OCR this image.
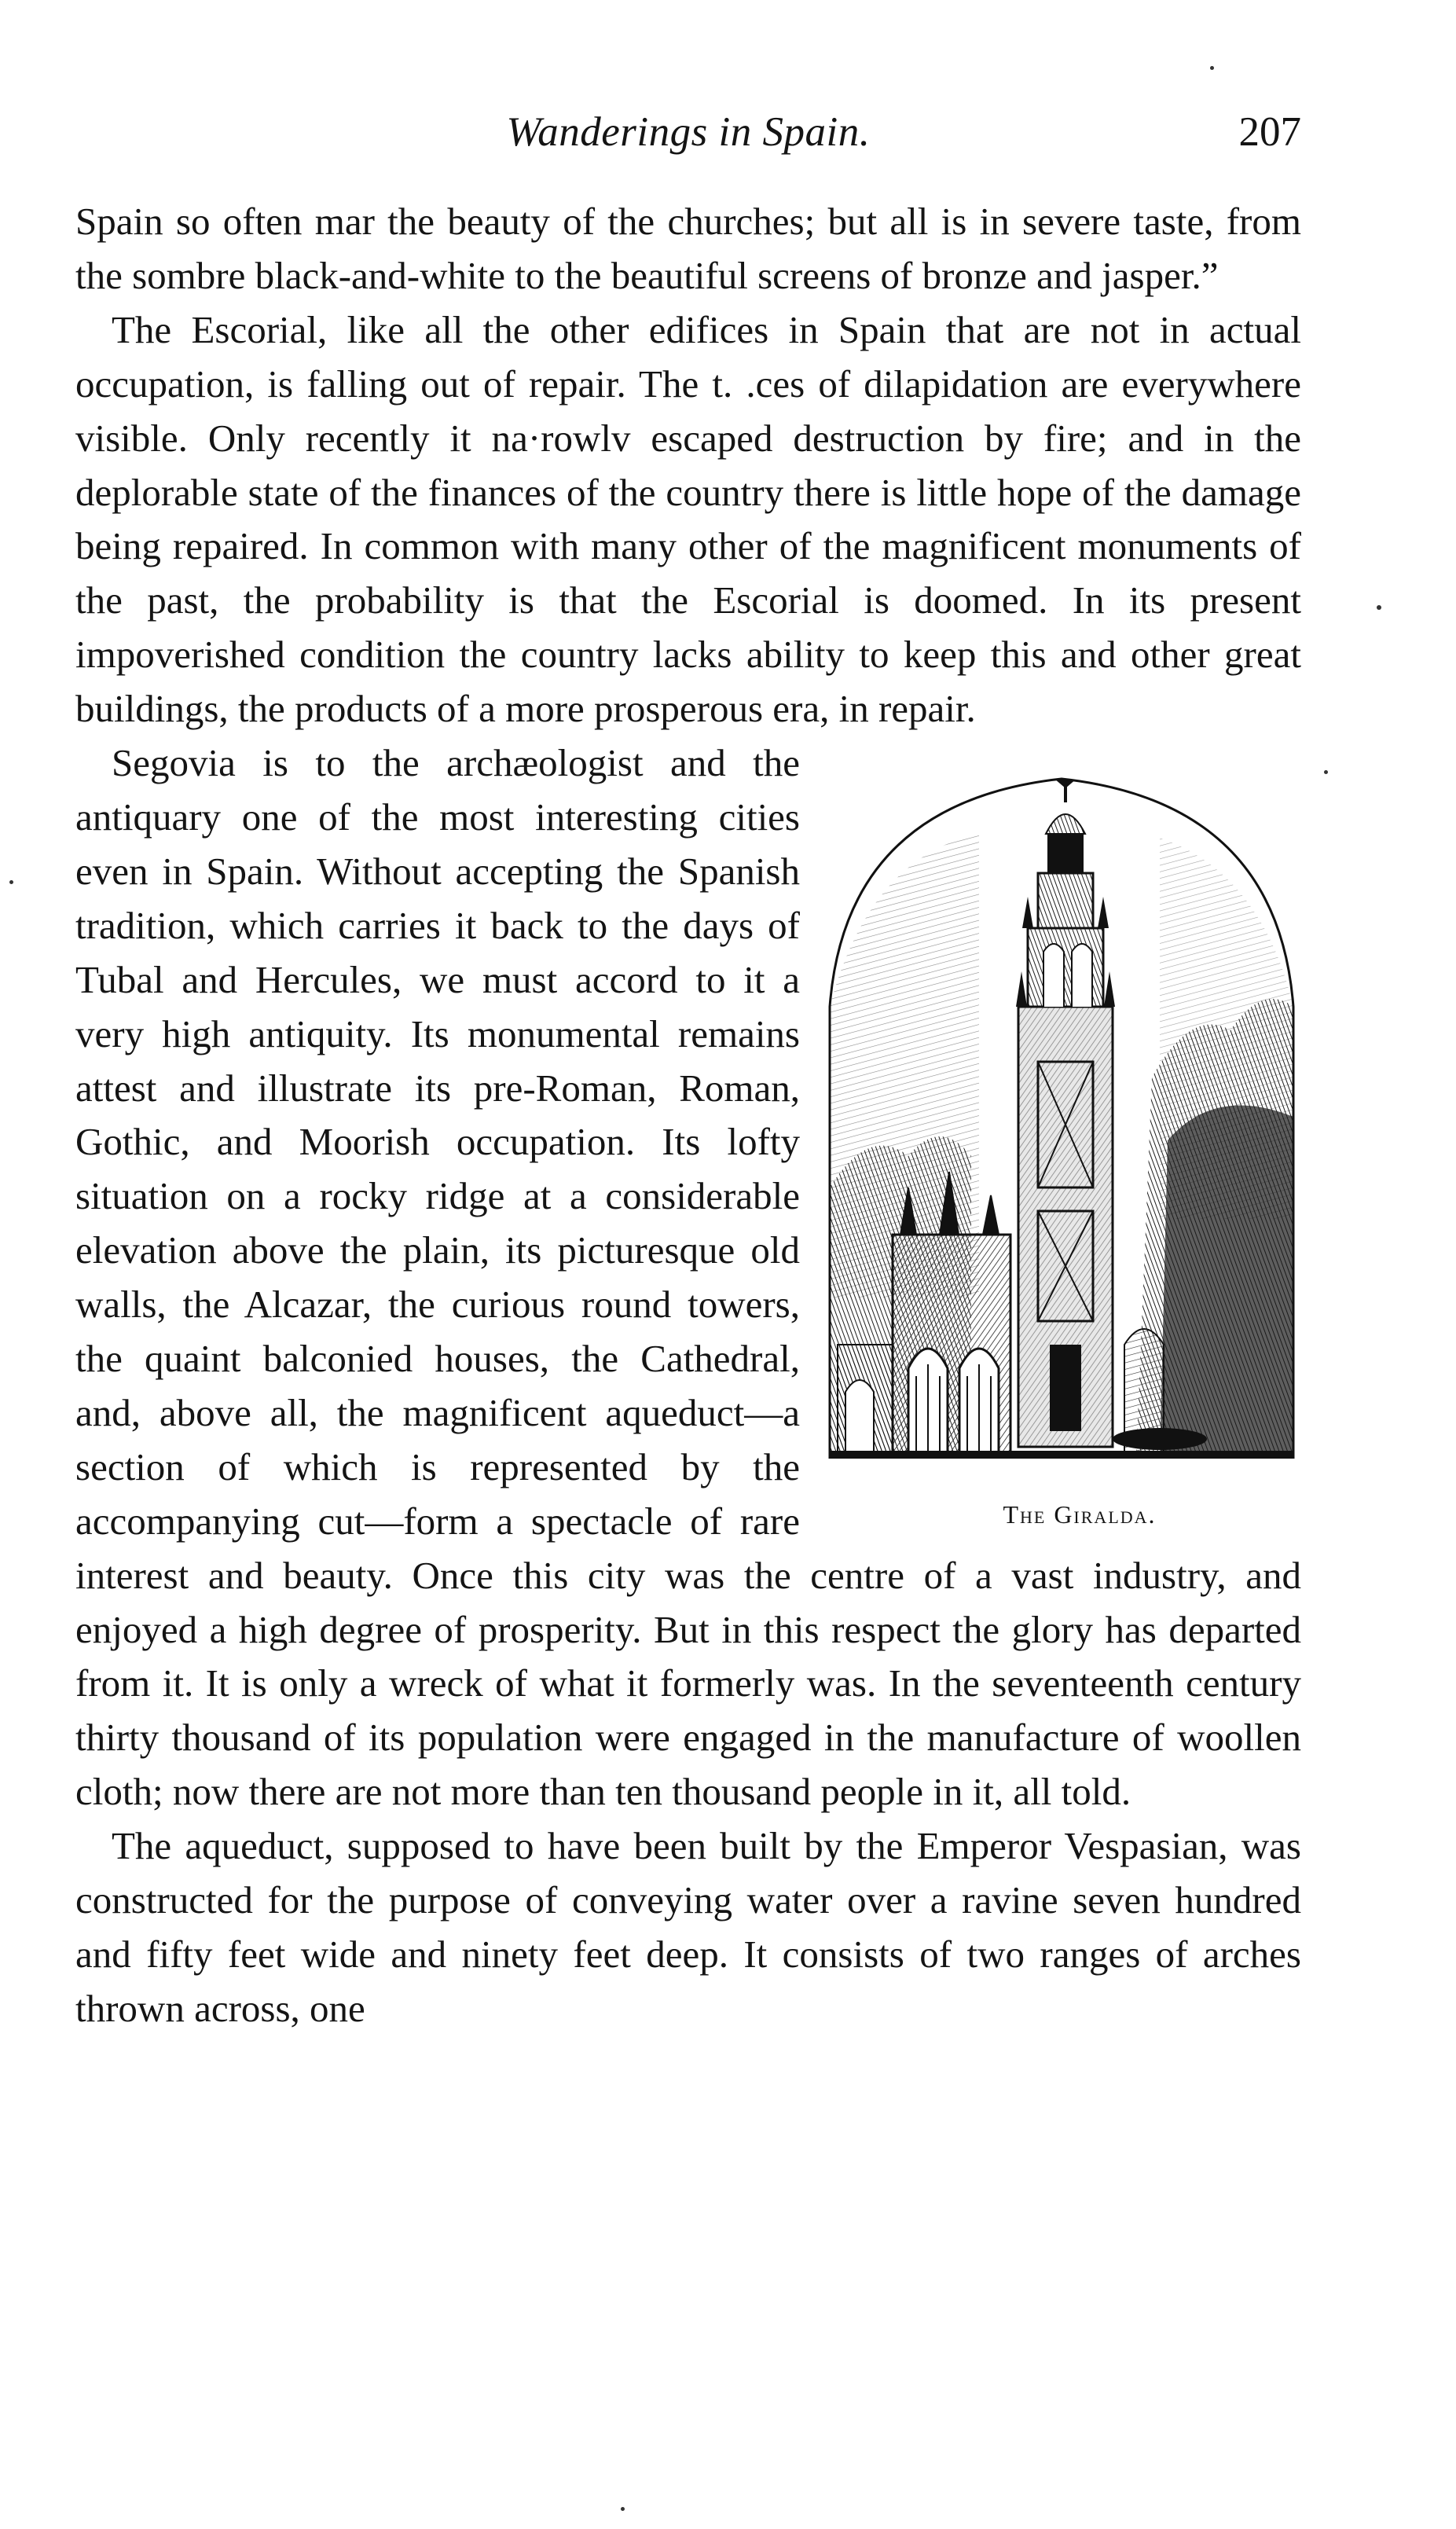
Wanderings in Spain.	207

Spain so often mar the beauty of the churches; but all is in severe taste, from the sombre black-and-white to the beautiful screens of bronze and jasper.”

The Escorial, like all the other edifices in Spain that are not in actual occupation, is falling out of repair. The t. .ces of dilapidation are everywhere visible. Only recently it na·rowlv escaped destruction by fire; and in the deplorable state of the finances of the country there is little hope of the damage being repaired. In common with many other of the magnificent monuments of the past, the probability is that the Escorial is doomed. In its present impoverished condition the country lacks ability to keep this and other great buildings, the products of a more prosperous era, in repair.

The Giralda.
Segovia is to the archæologist and the antiquary one of the most interesting cities even in Spain. Without accepting the Spanish tradition, which carries it back to the days of Tubal and Hercules, we must accord to it a very high antiquity. Its monumental remains attest and illustrate its pre-Roman, Roman, Gothic, and Moorish occupation. Its lofty situation on a rocky ridge at a considerable elevation above the plain, its picturesque old walls, the Alcazar, the curious round towers, the quaint balconied houses, the Cathedral, and, above all, the magnificent aqueduct—a section of which is represented by the accompanying cut—form a spectacle of rare interest and beauty. Once this city was the centre of a vast industry, and enjoyed a high degree of prosperity. But in this respect the glory has departed from it. It is only a wreck of what it formerly was. In the seventeenth century thirty thousand of its population were engaged in the manufacture of woollen cloth; now there are not more than ten thousand people in it, all told.

The aqueduct, supposed to have been built by the Emperor Vespasian, was constructed for the purpose of conveying water over a ravine seven hundred and fifty feet wide and ninety feet deep. It consists of two ranges of arches thrown across, one
